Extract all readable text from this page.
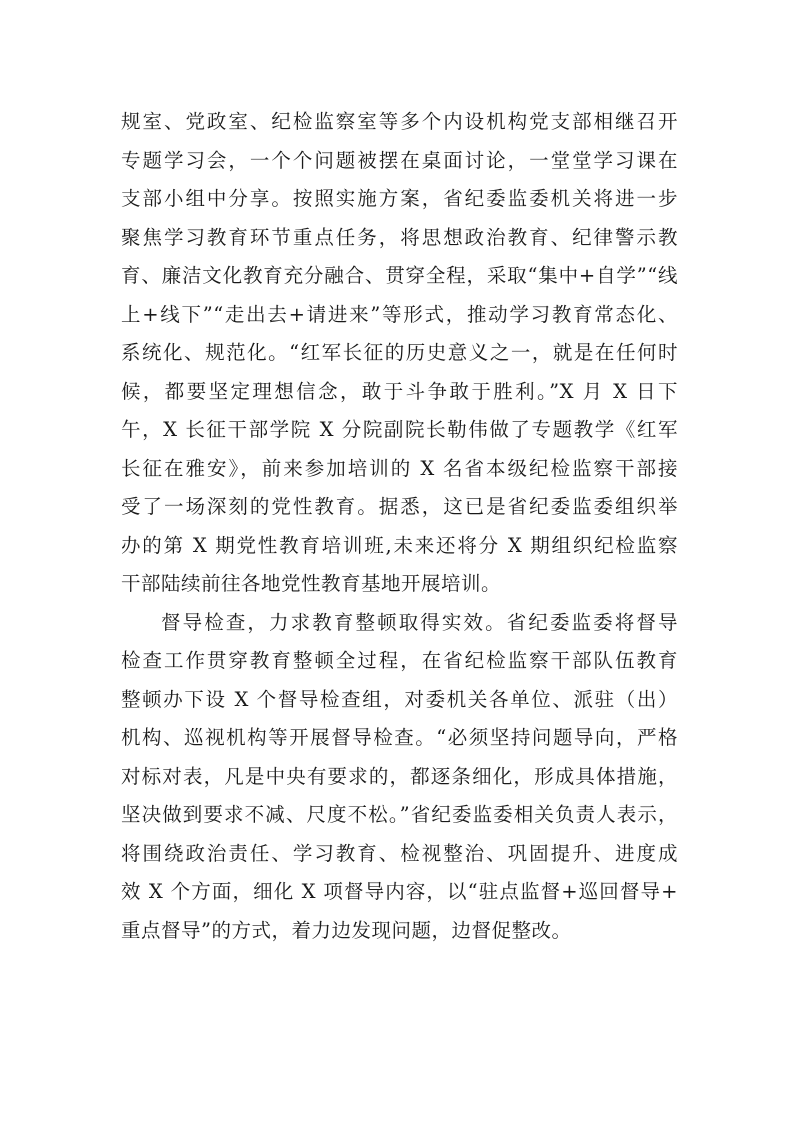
规室、党政室、纪检监察室等多个内设机构党支部相继召开
专题学习会，一个个问题被摆在桌面讨论，一堂堂学习课在
支部小组中分享。按照实施方案，省纪委监委机关将进一步
聚焦学习教育环节重点任务，将思想政治教育、纪律警示教
育、廉洁文化教育充分融合、贯穿全程，采取“集中+自学”“线
上+线下”“走出去+请进来”等形式，推动学习教育常态化、
系统化、规范化。“红军长征的历史意义之一，就是在任何时
候，都要坚定理想信念，敢于斗争敢于胜利。”X 月 X 日下
午，X 长征干部学院 X 分院副院长勒伟做了专题教学《红军
长征在雅安》，前来参加培训的 X 名省本级纪检监察干部接
受了一场深刻的党性教育。据悉，这已是省纪委监委组织举
办的第 X 期党性教育培训班,未来还将分 X 期组织纪检监察
干部陆续前往各地党性教育基地开展培训。
督导检查，力求教育整顿取得实效。省纪委监委将督导
检查工作贯穿教育整顿全过程，在省纪检监察干部队伍教育
整顿办下设 X 个督导检查组，对委机关各单位、派驻（出）
机构、巡视机构等开展督导检查。“必须坚持问题导向，严格
对标对表，凡是中央有要求的，都逐条细化，形成具体措施，
坚决做到要求不减、尺度不松。”省纪委监委相关负责人表示，
将围绕政治责任、学习教育、检视整治、巩固提升、进度成
效 X 个方面，细化 X 项督导内容，以“驻点监督+巡回督导+
重点督导”的方式，着力边发现问题，边督促整改。
